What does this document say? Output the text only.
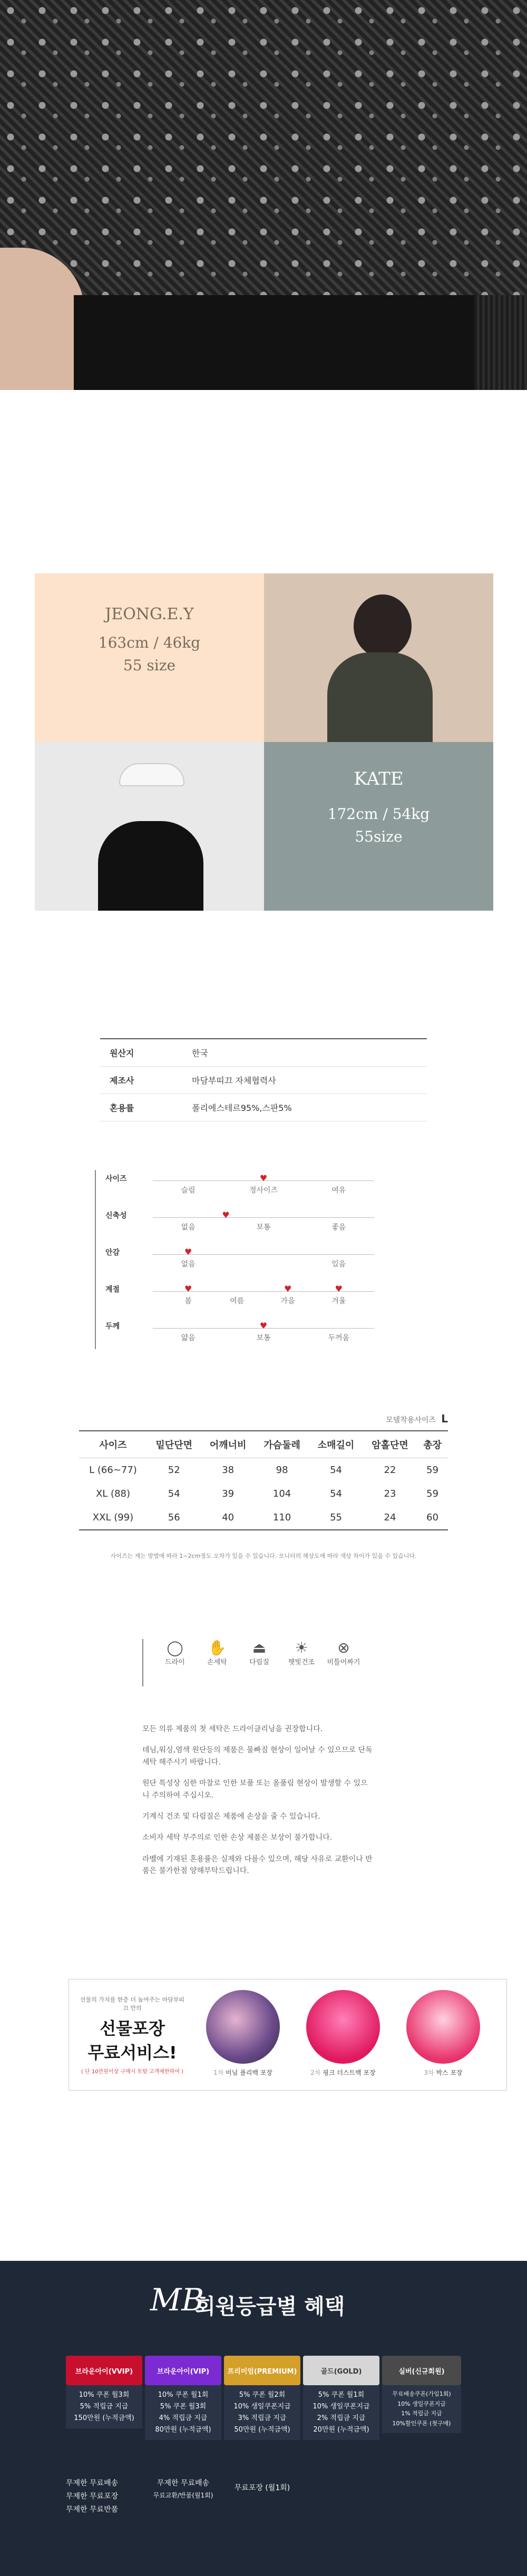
JEONG.E.Y
163cm / 46kg
55 size
KATE
172cm / 54kg
55size
원산지	한국
제조사	마담부띠끄 자체협력사
혼용률	폴리에스테르95%,스판5%
사이즈	♥
슬림	정사이즈	여유
신축성	♥
없음	보통	좋음
안감	♥
없음	있음
계절	♥	♥	♥
봄	여름	가을	겨울
두께	♥
얇음	보통	두꺼움
모델착용사이즈 L
사이즈	밑단단면	어깨너비	가슴둘레	소매길이	암홀단면	총장
L (66~77)	52	38	98	54	22	59
XL (88)	54	39	104	54	23	59
XXL (99)	56	40	110	55	24	60
사이즈는 재는 방법에 따라 1~2cm정도 오차가 있을 수 있습니다. 모니터의 해상도에 따라 색상 차이가 있을 수 있습니다.
◯
드라이
✋
손세탁
⏏
다림질
☀
햇빛건조
⊗
비틀어짜기
모든 의류 제품의 첫 세탁은 드라이클리닝을 권장합니다.
데님,워싱,염색 원단등의 제품은 물빠짐 현상이 일어날 수 있으므로 단독 세탁 해주시기 바랍니다.
원단 특성상 심한 마찰로 인한 보풀 또는 올풀림 현상이 발생할 수 있으니 주의하여 주십시오.
기계식 건조 및 다림질은 제품에 손상을 줄 수 있습니다.
소비자 세탁 부주의로 인한 손상 제품은 보상이 불가합니다.
라벨에 기재된 혼용률은 실제와 다를수 있으며, 해당 사유로 교환이나 반품은 불가한점 양해부탁드립니다.
선물의 가치를 한층 더 높여주는 마담부띠끄 만의
선물포장
무료서비스!
( 단 10만원이상 구매시 토탈 고객에한하여 )	1차 비닐 플리백 포장	2차 핑크 더스트백 포장	3차 박스 포장
MB
회원등급별 혜택
브라운아이(VVIP)
10% 쿠폰 월3회
5% 적립금 지급
150만원 (누적금액)
브라운아이(VIP)
10% 쿠폰 월1회
5% 쿠폰 월3회
4% 적립금 지급
80만원 (누적금액)
프리미엄(PREMIUM)
5% 쿠폰 월2회
10% 생일쿠폰지급
3% 적립금 지급
50만원 (누적금액)
골드(GOLD)
5% 쿠폰 월1회
10% 생일쿠폰지급
2% 적립금 지급
20만원 (누적금액)
실버(신규회원)
무료배송쿠폰(가입1회)
10% 생일쿠폰지급
1% 적립금 지급
10%할인쿠폰 (첫구매)
무제한 무료배송
무제한 무료포장
무제한 무료반품
무제한 무료배송
무료교환/반품(월1회)
무료포장 (월1회)
